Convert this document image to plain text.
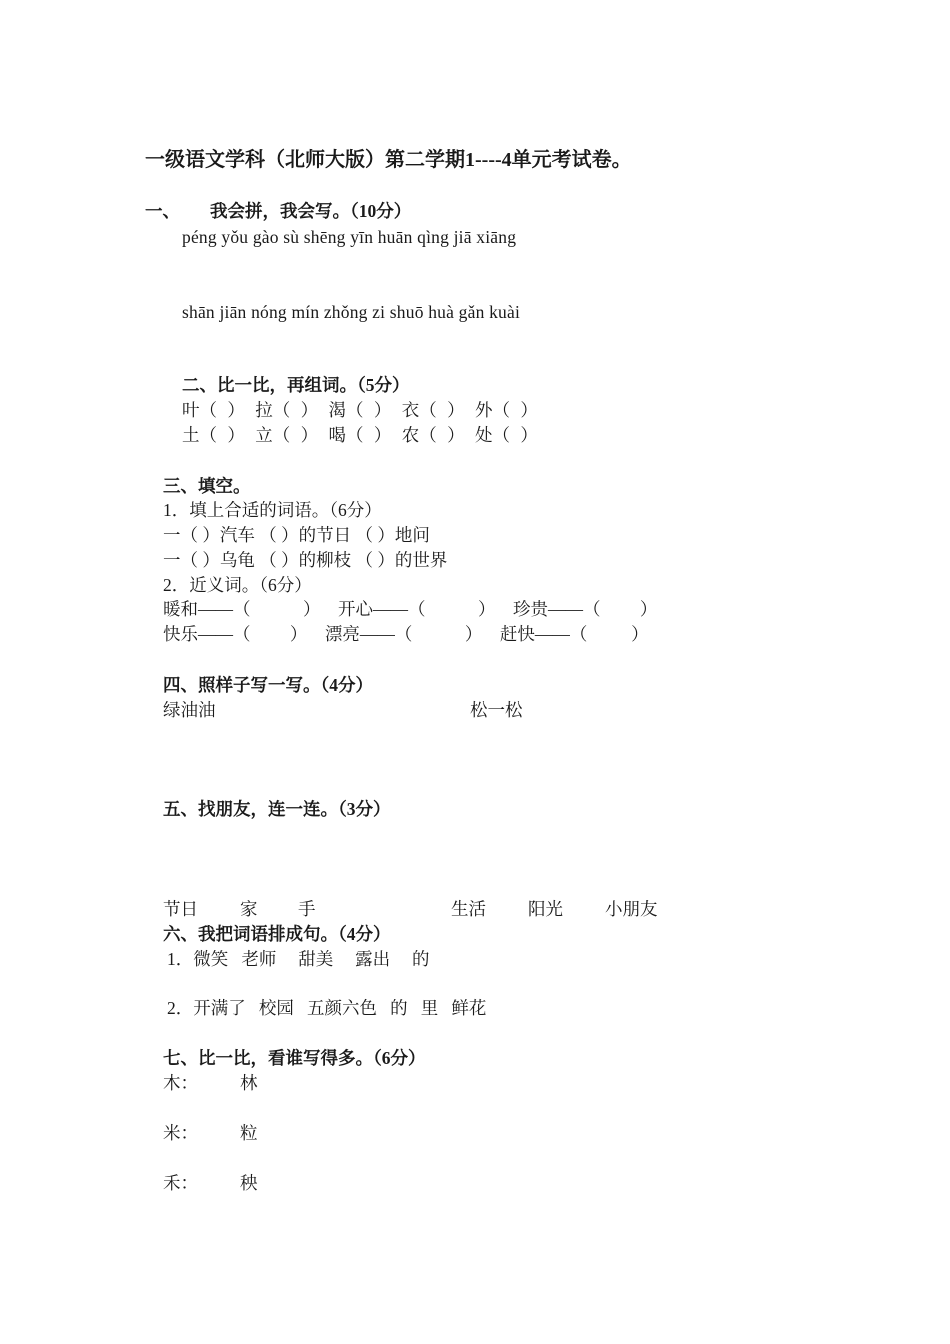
一级语文学科（北师大版）第二学期1----4单元考试卷。
一、 我会拼，我会写。（10分）
péng yǒu gào sù shēng yīn huān qìng jiā xiāng
shān jiān nóng mín zhǒng zi shuō huà gǎn kuài
二、比一比，再组词。（5分）
叶（ ） 拉（ ） 渴（ ） 衣（ ） 外（ ）
土（ ） 立（ ） 喝（ ） 农（ ） 处（ ）
三、填空。
1．填上合适的词语。（6分）
一（ ）汽车 （ ）的节日 （ ）地问
一（ ）乌龟 （ ）的柳枝 （ ）的世界
2．近义词。（6分）
暖和——（            ）    开心——（            ）    珍贵——（         ）
快乐——（         ）    漂亮——（            ）    赶快——（          ）
四、照样子写一写。（4分）
绿油油	松一松
五、找朋友，连一连。（3分）
节日 家 手	生活 阳光 小朋友
六、我把词语排成句。（4分）
1．微笑   老师     甜美     露出     的
2．开满了   校园   五颜六色   的   里   鲜花
七、比一比，看谁写得多。（6分）
木： 林
米： 粒
禾： 秧
